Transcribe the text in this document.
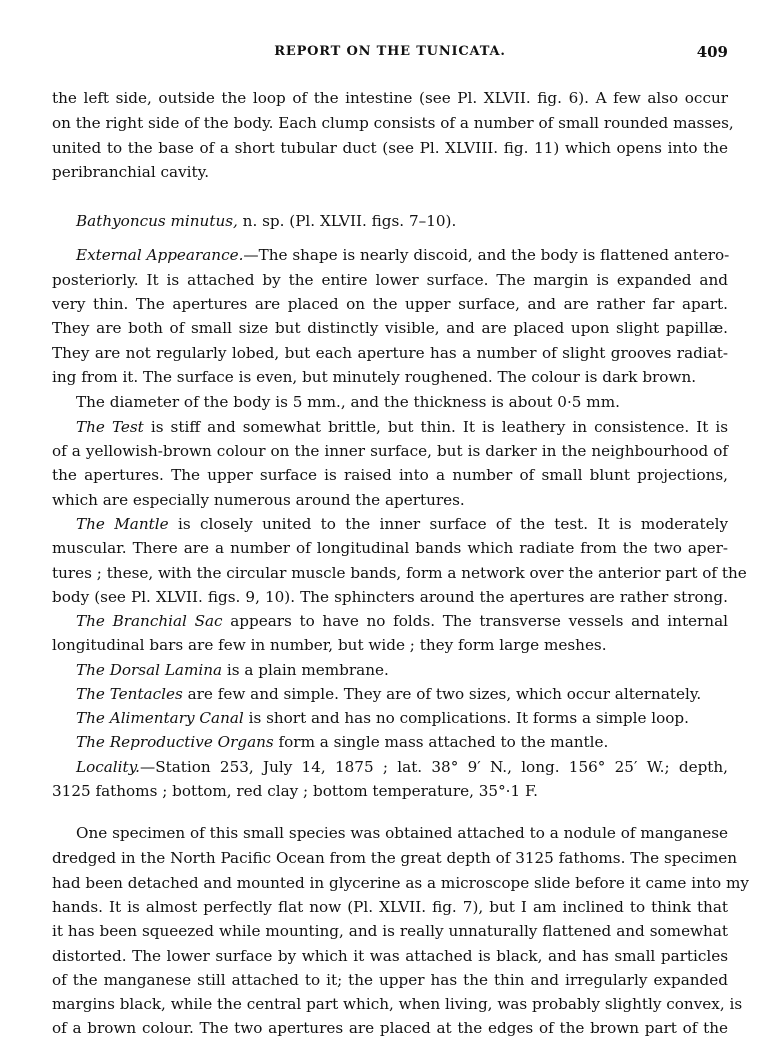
REPORT ON THE TUNICATA.	409
the left side, outside the loop of the intestine (see Pl. XLVII. fig. 6). A few also occur
on the right side of the body. Each clump consists of a number of small rounded masses,
united to the base of a short tubular duct (see Pl. XLVIII. fig. 11) which opens into the
peribranchial cavity.
Bathyoncus minutus, n. sp. (Pl. XLVII. figs. 7–10).
External Appearance.—The shape is nearly discoid, and the body is flattened antero-
posteriorly. It is attached by the entire lower surface. The margin is expanded and
very thin. The apertures are placed on the upper surface, and are rather far apart.
They are both of small size but distinctly visible, and are placed upon slight papillæ.
They are not regularly lobed, but each aperture has a number of slight grooves radiat-
ing from it. The surface is even, but minutely roughened. The colour is dark brown.
The diameter of the body is 5 mm., and the thickness is about 0·5 mm.
The Test is stiff and somewhat brittle, but thin. It is leathery in consistence. It is
of a yellowish-brown colour on the inner surface, but is darker in the neighbourhood of
the apertures. The upper surface is raised into a number of small blunt projections,
which are especially numerous around the apertures.
The Mantle is closely united to the inner surface of the test. It is moderately
muscular. There are a number of longitudinal bands which radiate from the two aper-
tures ; these, with the circular muscle bands, form a network over the anterior part of the
body (see Pl. XLVII. figs. 9, 10). The sphincters around the apertures are rather strong.
The Branchial Sac appears to have no folds. The transverse vessels and internal
longitudinal bars are few in number, but wide ; they form large meshes.
The Dorsal Lamina is a plain membrane.
The Tentacles are few and simple. They are of two sizes, which occur alternately.
The Alimentary Canal is short and has no complications. It forms a simple loop.
The Reproductive Organs form a single mass attached to the mantle.
Locality.—Station 253, July 14, 1875 ; lat. 38° 9′ N., long. 156° 25′ W.; depth,
3125 fathoms ; bottom, red clay ; bottom temperature, 35°·1 F.
One specimen of this small species was obtained attached to a nodule of manganese
dredged in the North Pacific Ocean from the great depth of 3125 fathoms. The specimen
had been detached and mounted in glycerine as a microscope slide before it came into my
hands. It is almost perfectly flat now (Pl. XLVII. fig. 7), but I am inclined to think that
it has been squeezed while mounting, and is really unnaturally flattened and somewhat
distorted. The lower surface by which it was attached is black, and has small particles
of the manganese still attached to it; the upper has the thin and irregularly expanded
margins black, while the central part which, when living, was probably slightly convex, is
of a brown colour. The two apertures are placed at the edges of the brown part of the
